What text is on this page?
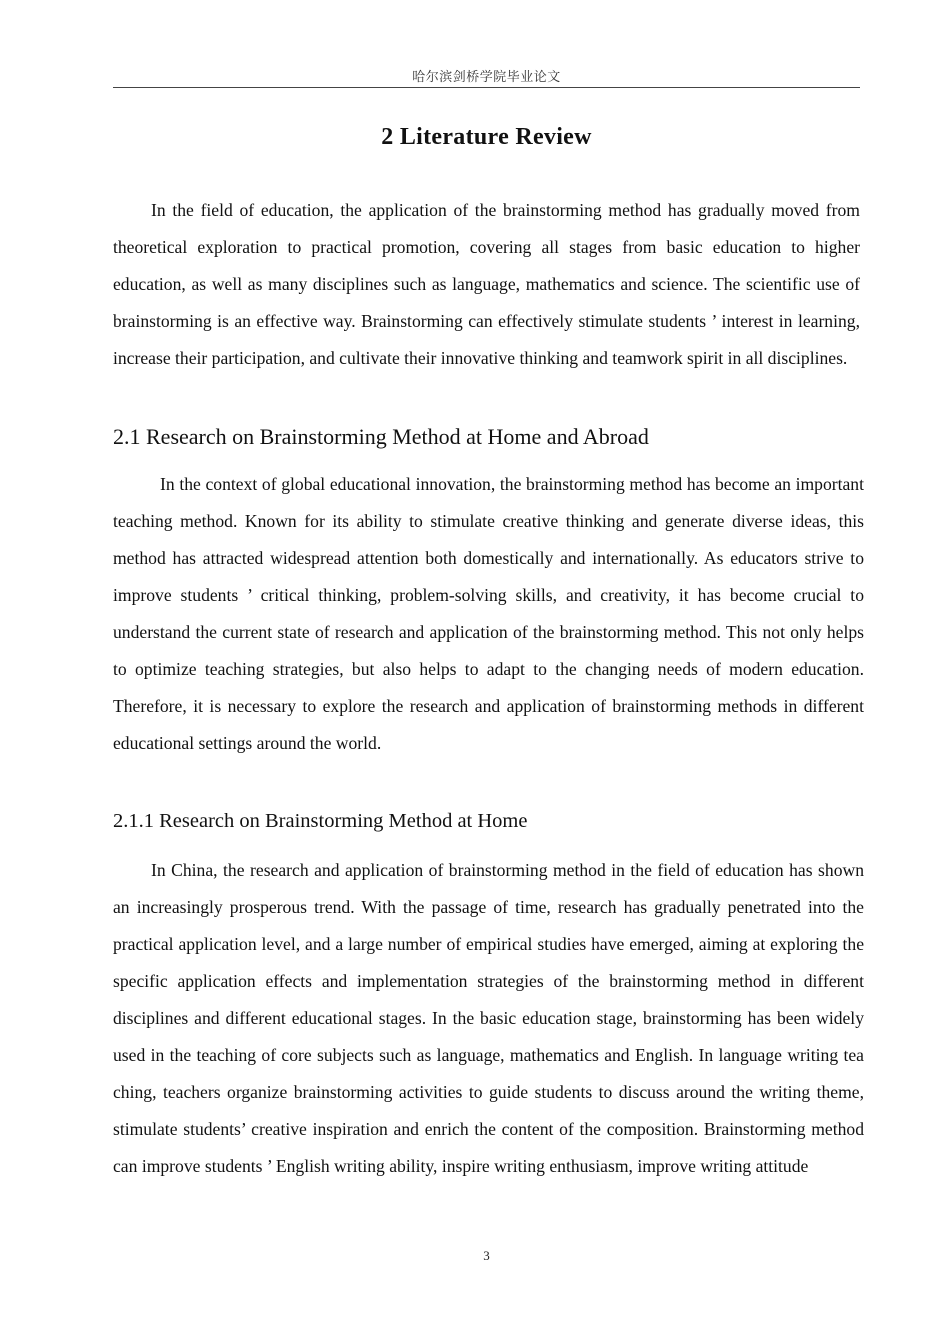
哈尔滨剑桥学院毕业论文
2 Literature Review

In the field of education, the application of the brainstorming method has gradually moved from theoretical exploration to practical promotion, covering all stages from basic education to higher education, as well as many disciplines such as language, mathematics and science. The scientific use of brainstorming is an effective way. Brainstorming can effectively stimulate students ’ interest in learning, increase their participation, and cultivate their innovative thinking and teamwork spirit in all disciplines.

2.1 Research on Brainstorming Method at Home and Abroad

In the context of global educational innovation, the brainstorming method has become an important teaching method. Known for its ability to stimulate creative thinking and generate diverse ideas, this method has attracted widespread attention both domestically and internationally. As educators strive to improve students ’ critical thinking, problem-solving skills, and creativity, it has become crucial to understand the current state of research and application of the brainstorming method. This not only helps to optimize teaching strategies, but also helps to adapt to the changing needs of modern education. Therefore, it is necessary to explore the research and application of brainstorming methods in different educational settings around the world.

2.1.1 Research on Brainstorming Method at Home

In China, the research and application of brainstorming method in the field of education has shown an increasingly prosperous trend. With the passage of time, research has gradually penetrated into the practical application level, and a large number of empirical studies have emerged, aiming at exploring the specific application effects and implementation strategies of the brainstorming method in different disciplines and different educational stages. In the basic education stage, brainstorming has been widely used in the teaching of core subjects such as language, mathematics and English. In language writing tea ching, teachers organize brainstorming activities to guide students to discuss around the writing theme, stimulate students’ creative inspiration and enrich the content of the composition. Brainstorming method can improve students ’ English writing ability, inspire writing enthusiasm, improve writing attitude

3
